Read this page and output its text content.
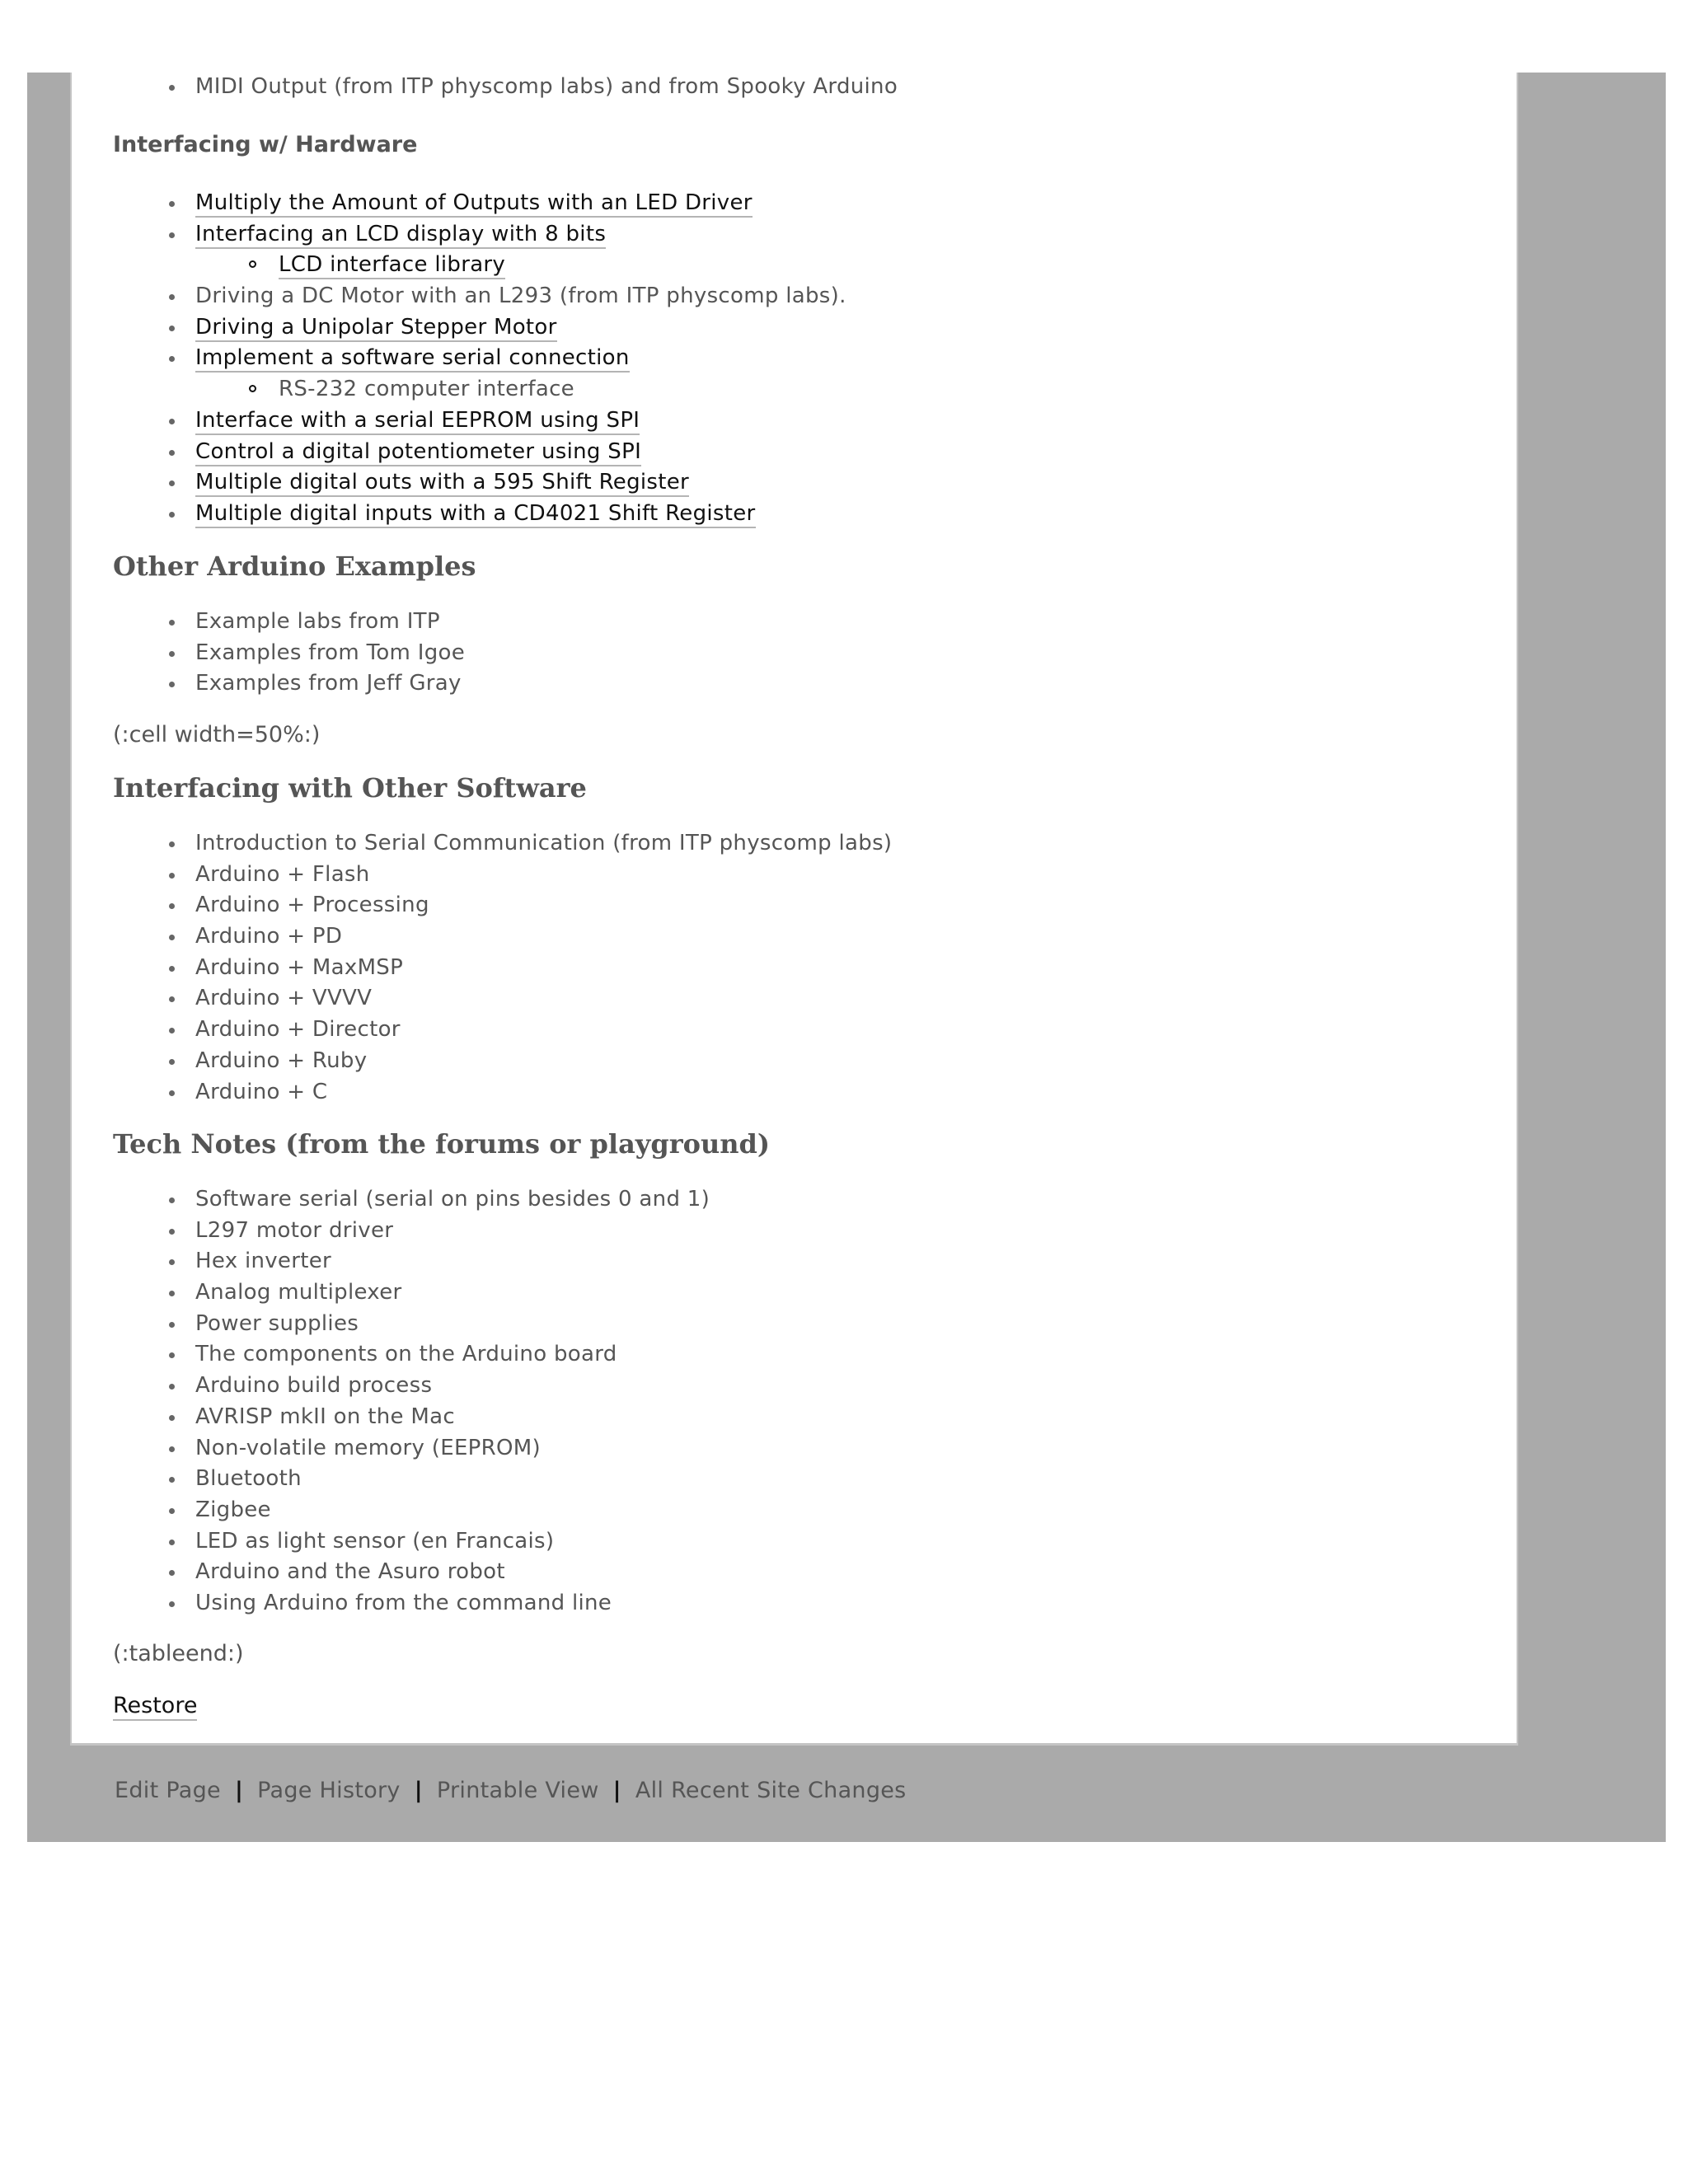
MIDI Output (from ITP physcomp labs) and from Spooky Arduino
Interfacing w/ Hardware
Multiply the Amount of Outputs with an LED Driver
Interfacing an LCD display with 8 bits
LCD interface library
Driving a DC Motor with an L293 (from ITP physcomp labs).
Driving a Unipolar Stepper Motor
Implement a software serial connection
RS-232 computer interface
Interface with a serial EEPROM using SPI
Control a digital potentiometer using SPI
Multiple digital outs with a 595 Shift Register
Multiple digital inputs with a CD4021 Shift Register
Other Arduino Examples
Example labs from ITP
Examples from Tom Igoe
Examples from Jeff Gray
(:cell width=50%:)
Interfacing with Other Software
Introduction to Serial Communication (from ITP physcomp labs)
Arduino + Flash
Arduino + Processing
Arduino + PD
Arduino + MaxMSP
Arduino + VVVV
Arduino + Director
Arduino + Ruby
Arduino + C
Tech Notes (from the forums or playground)
Software serial (serial on pins besides 0 and 1)
L297 motor driver
Hex inverter
Analog multiplexer
Power supplies
The components on the Arduino board
Arduino build process
AVRISP mkII on the Mac
Non-volatile memory (EEPROM)
Bluetooth
Zigbee
LED as light sensor (en Francais)
Arduino and the Asuro robot
Using Arduino from the command line
(:tableend:)
Restore
Edit Page | Page History | Printable View | All Recent Site Changes
